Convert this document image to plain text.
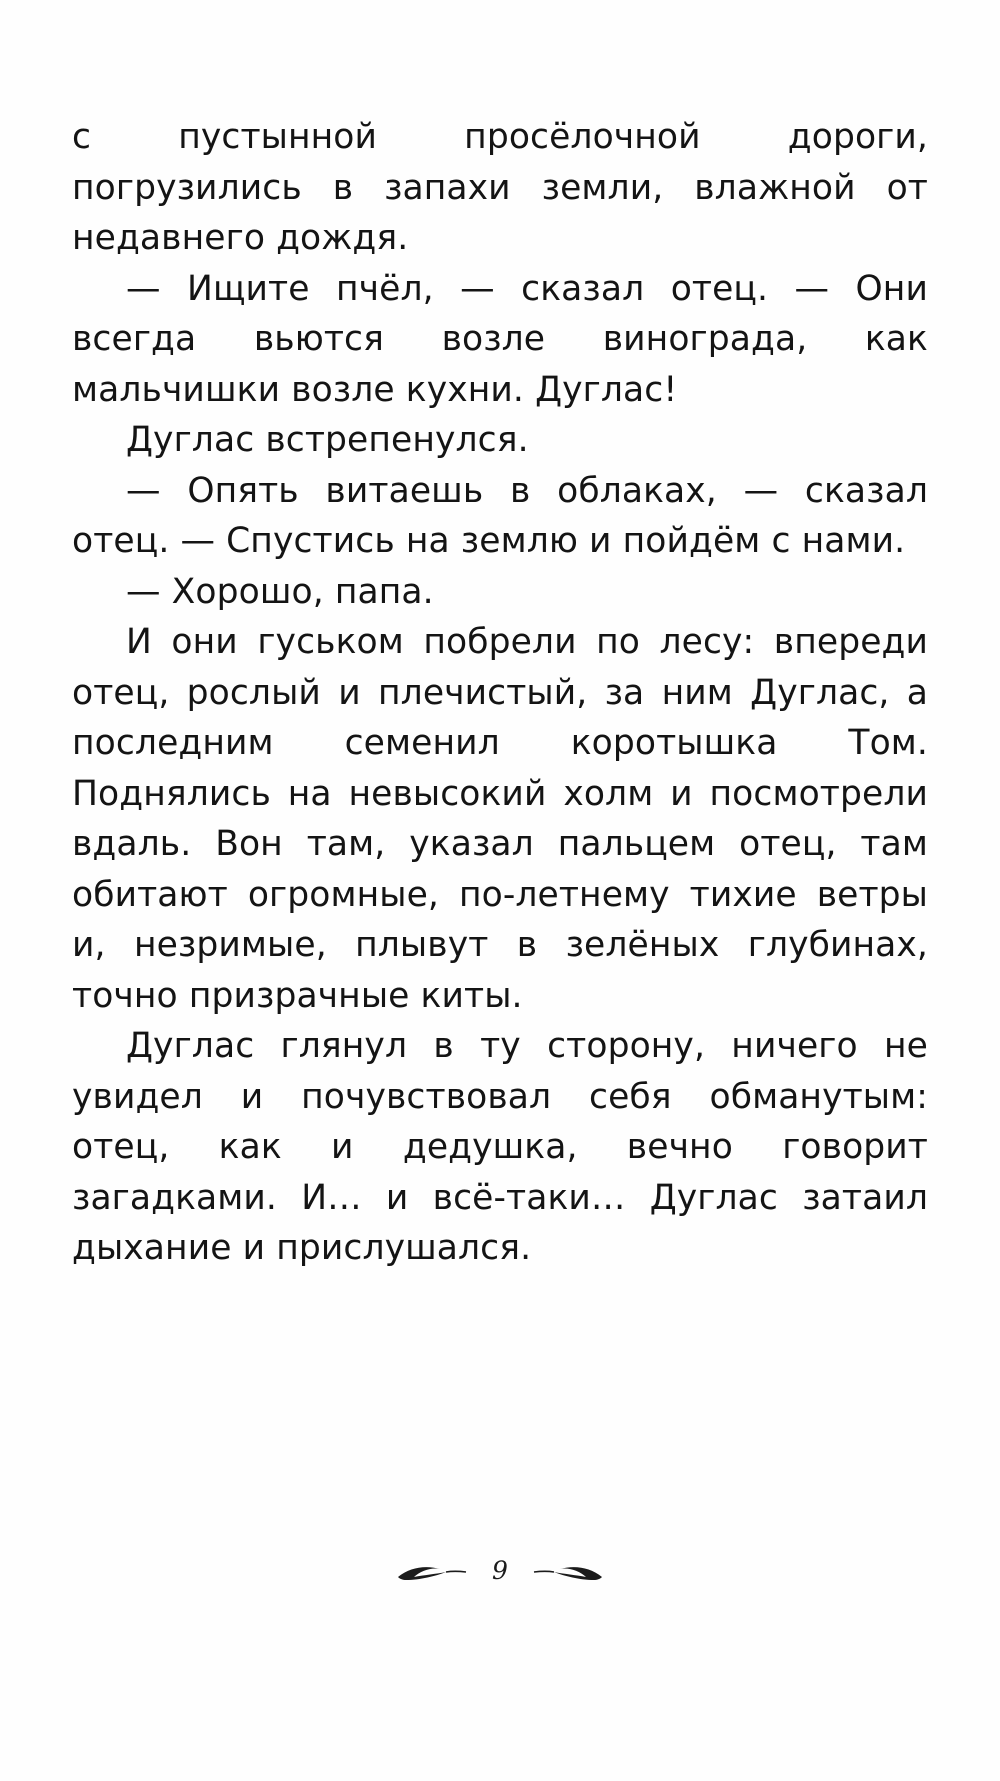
с пустынной просёлочной дороги, погрузились в запахи земли, влажной от недавнего дождя.

— Ищите пчёл, — сказал отец. — Они всегда вьются возле винограда, как мальчишки возле кухни. Дуглас!

Дуглас встрепенулся.

— Опять витаешь в облаках, — сказал отец. — Спустись на землю и пойдём с нами.

— Хорошо, папа.

И они гуськом побрели по лесу: впереди отец, рослый и плечистый, за ним Дуглас, а последним семенил коротышка Том. Поднялись на невысокий холм и посмотрели вдаль. Вон там, указал пальцем отец, там обитают огромные, по-летнему тихие ветры и, незримые, плывут в зелёных глубинах, точно призрачные киты.

Дуглас глянул в ту сторону, ничего не увидел и почувствовал себя обманутым: отец, как и дедушка, вечно говорит загадками. И… и всё-таки… Дуглас затаил дыхание и прислушался.

9
